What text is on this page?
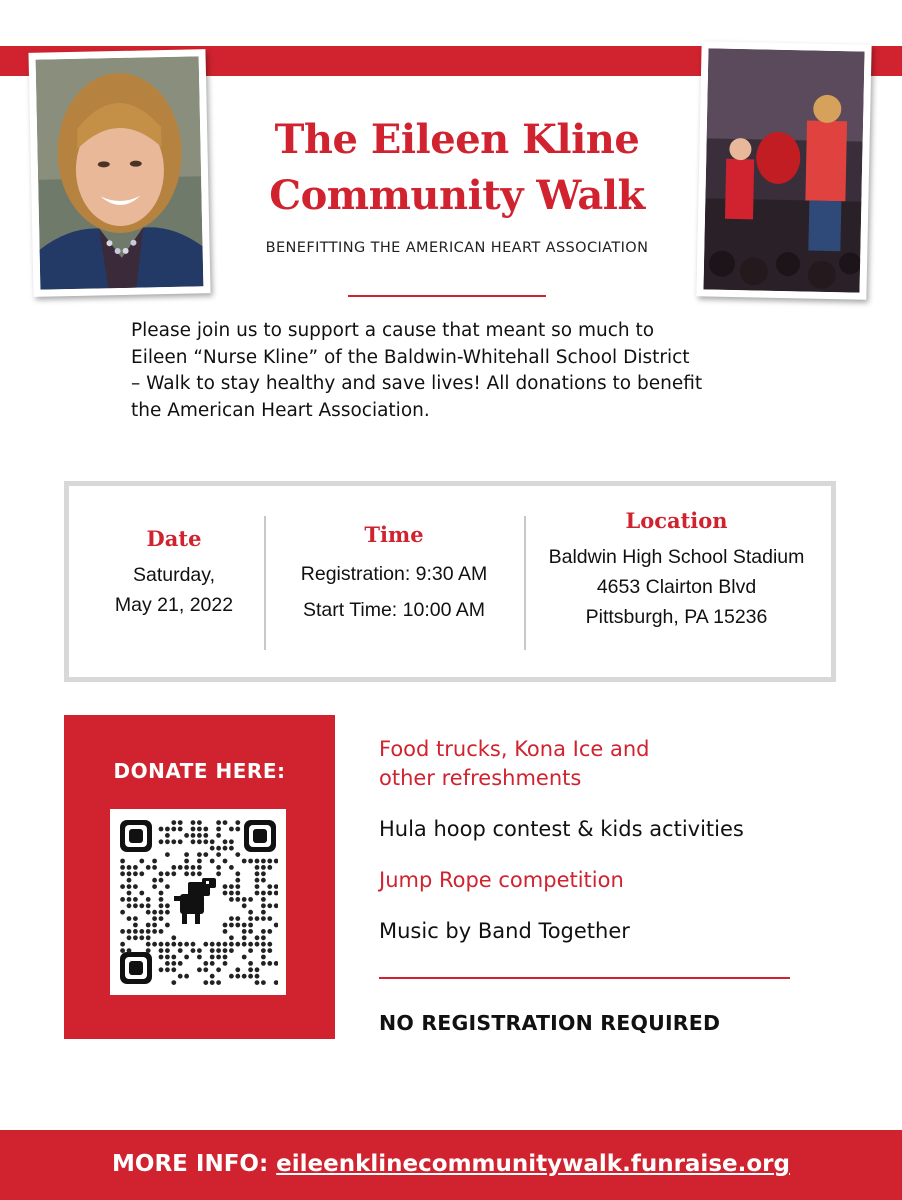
The Eileen Kline
Community Walk
BENEFITTING THE AMERICAN HEART ASSOCIATION
Please join us to support a cause that meant so much to
Eileen “Nurse Kline” of the Baldwin-Whitehall School District
– Walk to stay healthy and save lives! All donations to benefit
the American Heart Association.
Date
Saturday,
May 21, 2022
Time
Registration: 9:30 AM
Start Time: 10:00 AM
Location
Baldwin High School Stadium
4653 Clairton Blvd
Pittsburgh, PA 15236
DONATE HERE:
Food trucks, Kona Ice and
other refreshments
Hula hoop contest & kids activities
Jump Rope competition
Music by Band Together
NO REGISTRATION REQUIRED
MORE INFO: eileenklinecommunitywalk.funraise.org
